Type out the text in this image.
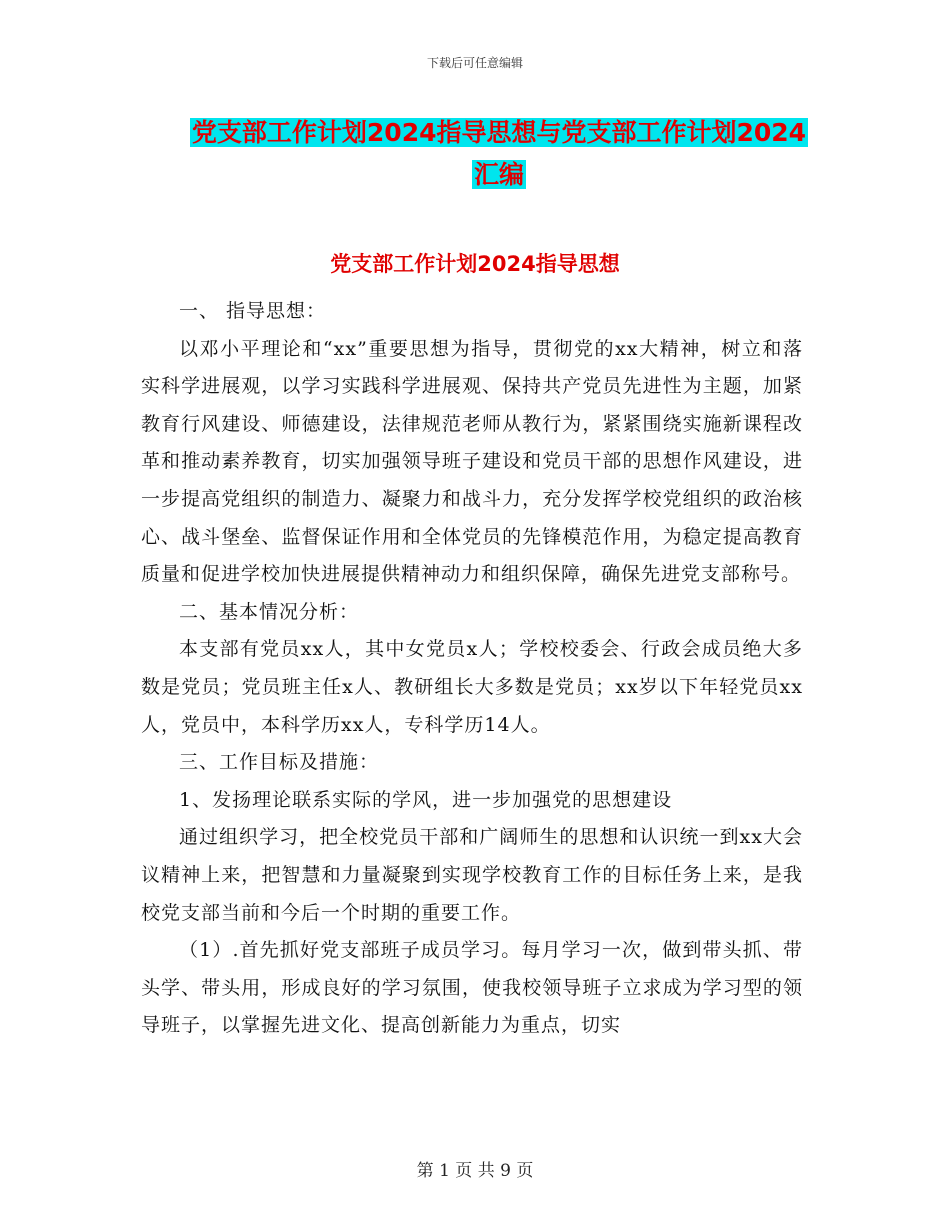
下载后可任意编辑
党支部工作计划2024指导思想与党支部工作计划2024
汇编
党支部工作计划2024指导思想

一、 指导思想：

以邓小平理论和“xx”重要思想为指导，贯彻党的xx大精神，树立和落实科学进展观，以学习实践科学进展观、保持共产党员先进性为主题，加紧教育行风建设、师德建设，法律规范老师从教行为，紧紧围绕实施新课程改革和推动素养教育，切实加强领导班子建设和党员干部的思想作风建设，进一步提高党组织的制造力、凝聚力和战斗力，充分发挥学校党组织的政治核心、战斗堡垒、监督保证作用和全体党员的先锋模范作用，为稳定提高教育质量和促进学校加快进展提供精神动力和组织保障，确保先进党支部称号。

二、基本情况分析：

本支部有党员xx人，其中女党员x人；学校校委会、行政会成员绝大多数是党员；党员班主任x人、教研组长大多数是党员；xx岁以下年轻党员xx人，党员中，本科学历xx人，专科学历14人。

三、工作目标及措施：

1、发扬理论联系实际的学风，进一步加强党的思想建设

通过组织学习，把全校党员干部和广阔师生的思想和认识统一到xx大会议精神上来，把智慧和力量凝聚到实现学校教育工作的目标任务上来，是我校党支部当前和今后一个时期的重要工作。

（1）.首先抓好党支部班子成员学习。每月学习一次，做到带头抓、带头学、带头用，形成良好的学习氛围，使我校领导班子立求成为学习型的领导班子，以掌握先进文化、提高创新能力为重点，切实

第 1 页 共 9 页
